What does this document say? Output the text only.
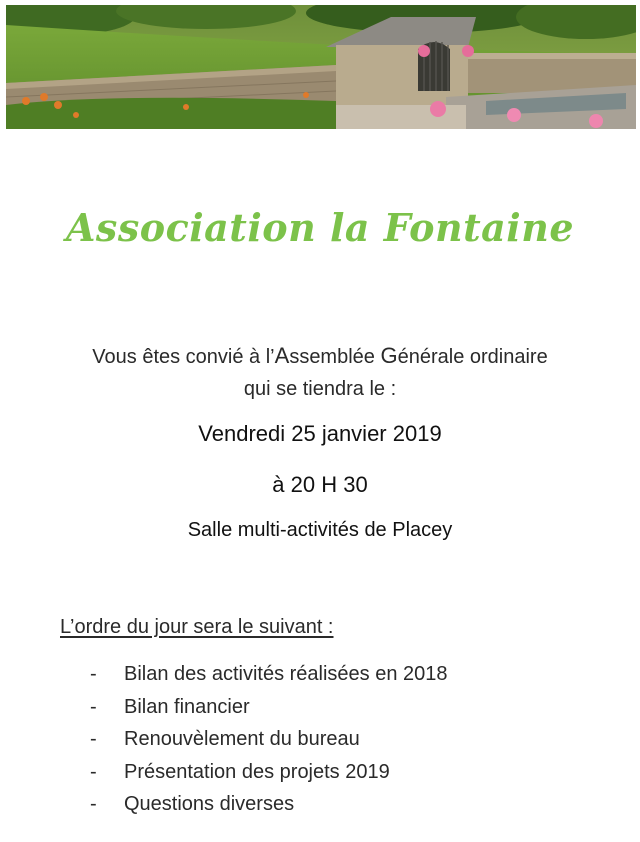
Association la Fontaine

Vous êtes convié à l’Assemblée Générale ordinaire

qui se tiendra le :

Vendredi 25 janvier 2019
à 20 H 30
Salle multi-activités de Placey
L’ordre du jour sera le suivant :
-	Bilan des activités réalisées en 2018
-	Bilan financier
-	Renouvèlement du bureau
-	Présentation des projets 2019
-	Questions diverses
